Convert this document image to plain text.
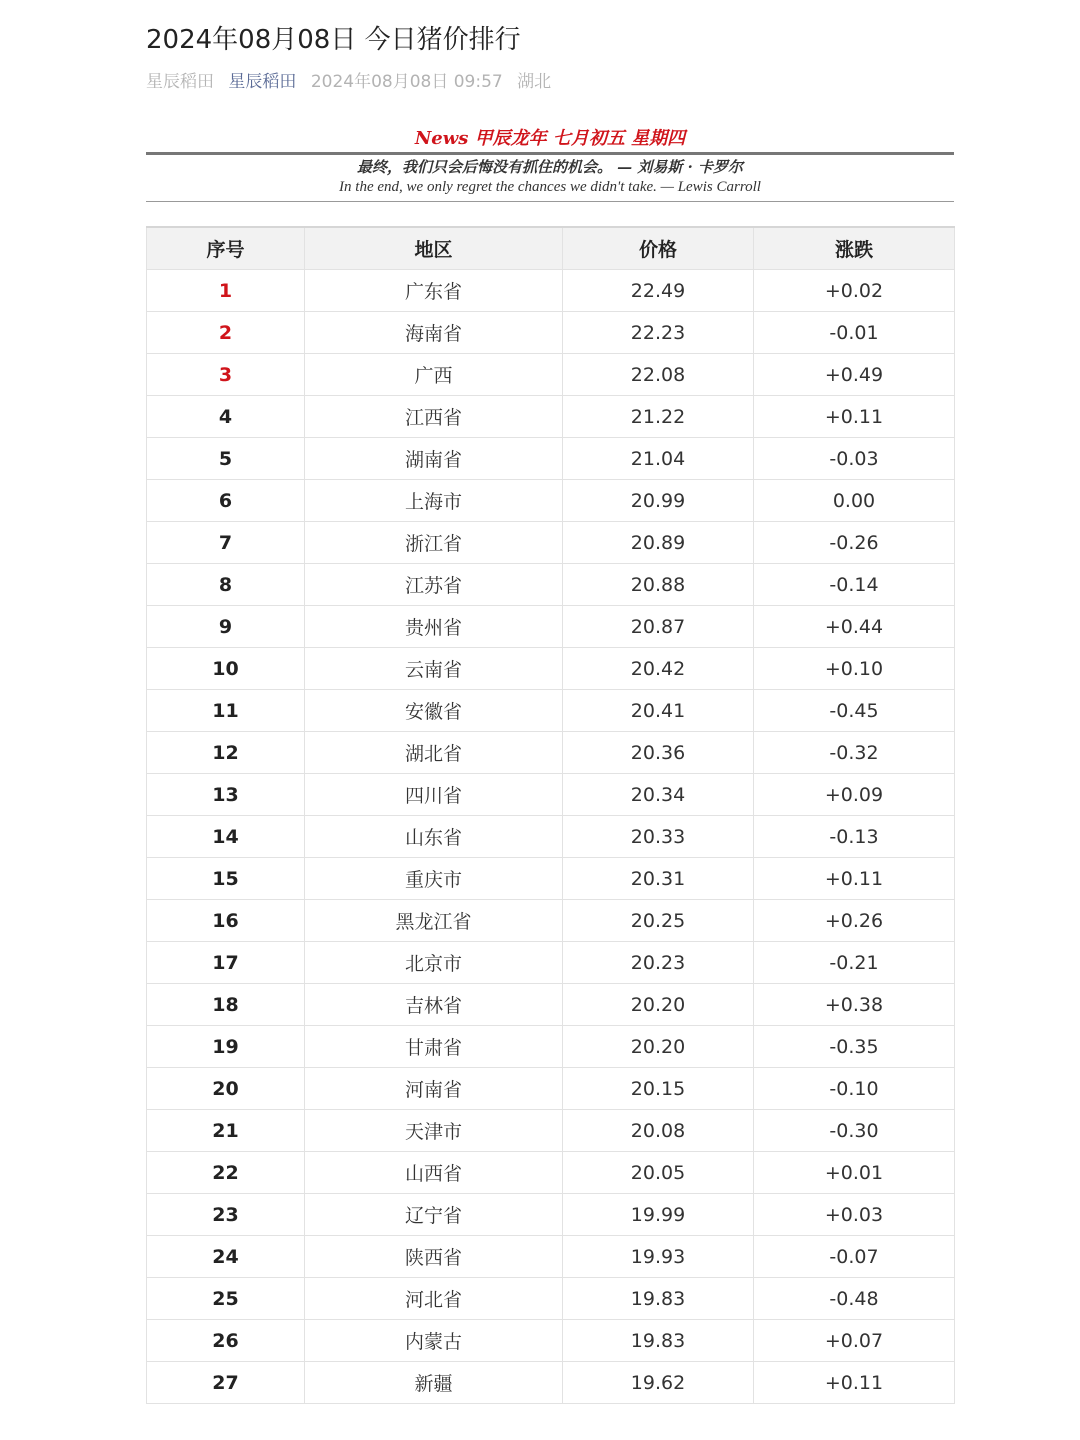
2024年08月08日 今日猪价排行
星辰稻田 星辰稻田 2024年08月08日 09:57 湖北
News 甲辰龙年 七月初五 星期四
最终，我们只会后悔没有抓住的机会。 — 刘易斯 · 卡罗尔
In the end, we only regret the chances we didn't take. — Lewis Carroll
序号	地区	价格	涨跌
1	广东省	22.49	+0.02
2	海南省	22.23	-0.01
3	广西	22.08	+0.49
4	江西省	21.22	+0.11
5	湖南省	21.04	-0.03
6	上海市	20.99	0.00
7	浙江省	20.89	-0.26
8	江苏省	20.88	-0.14
9	贵州省	20.87	+0.44
10	云南省	20.42	+0.10
11	安徽省	20.41	-0.45
12	湖北省	20.36	-0.32
13	四川省	20.34	+0.09
14	山东省	20.33	-0.13
15	重庆市	20.31	+0.11
16	黑龙江省	20.25	+0.26
17	北京市	20.23	-0.21
18	吉林省	20.20	+0.38
19	甘肃省	20.20	-0.35
20	河南省	20.15	-0.10
21	天津市	20.08	-0.30
22	山西省	20.05	+0.01
23	辽宁省	19.99	+0.03
24	陕西省	19.93	-0.07
25	河北省	19.83	-0.48
26	内蒙古	19.83	+0.07
27	新疆	19.62	+0.11
